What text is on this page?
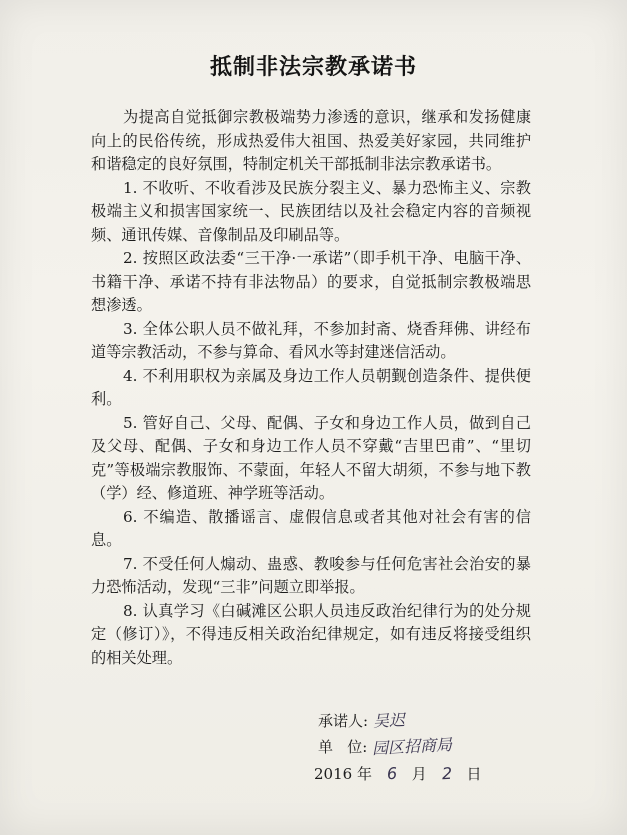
抵制非法宗教承诺书

为提高自觉抵御宗教极端势力渗透的意识，继承和发扬健康向上的民俗传统，形成热爱伟大祖国、热爱美好家园，共同维护和谐稳定的良好氛围，特制定机关干部抵制非法宗教承诺书。

1. 不收听、不收看涉及民族分裂主义、暴力恐怖主义、宗教极端主义和损害国家统一、民族团结以及社会稳定内容的音频视频、通讯传媒、音像制品及印刷品等。

2. 按照区政法委“三干净·一承诺”（即手机干净、电脑干净、书籍干净、承诺不持有非法物品）的要求，自觉抵制宗教极端思想渗透。

3. 全体公职人员不做礼拜，不参加封斋、烧香拜佛、讲经布道等宗教活动，不参与算命、看风水等封建迷信活动。

4. 不利用职权为亲属及身边工作人员朝觐创造条件、提供便利。

5. 管好自己、父母、配偶、子女和身边工作人员，做到自己及父母、配偶、子女和身边工作人员不穿戴“吉里巴甫”、“里切克”等极端宗教服饰、不蒙面，年轻人不留大胡须，不参与地下教（学）经、修道班、神学班等活动。

6. 不编造、散播谣言、虚假信息或者其他对社会有害的信息。

7. 不受任何人煽动、蛊惑、教唆参与任何危害社会治安的暴力恐怖活动，发现“三非”问题立即举报。

8. 认真学习《白碱滩区公职人员违反政治纪律行为的处分规定（修订）》，不得违反相关政治纪律规定，如有违反将接受组织的相关处理。

承诺人: 吴迟
单   位: 园区招商局
2016 年 6 月 2 日
